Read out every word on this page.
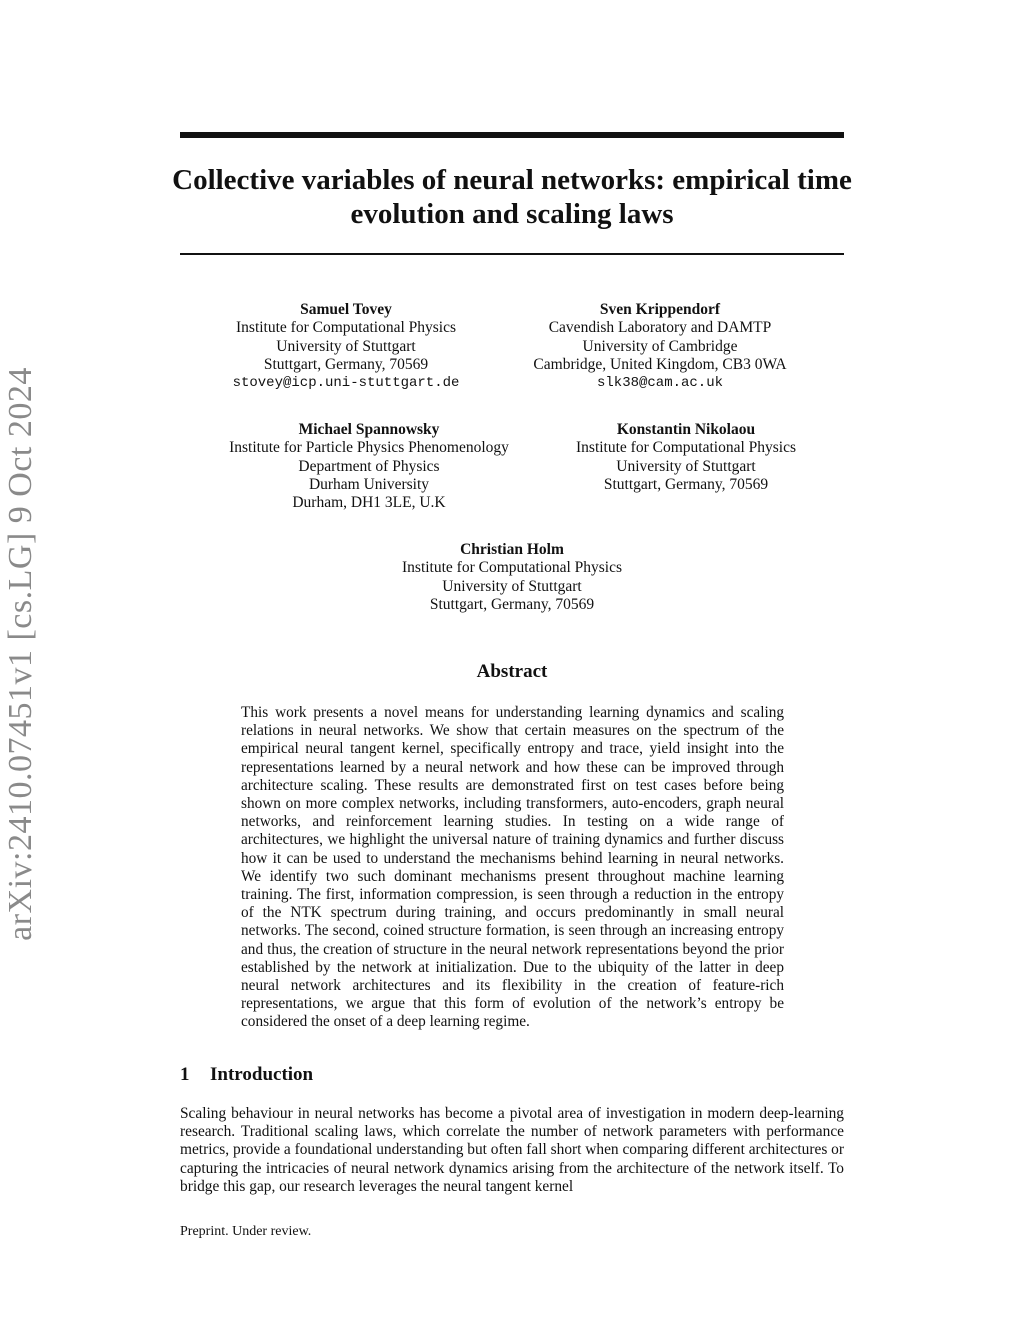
arXiv:2410.07451v1 [cs.LG] 9 Oct 2024
Collective variables of neural networks: empirical time evolution and scaling laws
Samuel Tovey
Institute for Computational Physics
University of Stuttgart
Stuttgart, Germany, 70569
stovey@icp.uni-stuttgart.de
Sven Krippendorf
Cavendish Laboratory and DAMTP
University of Cambridge
Cambridge, United Kingdom, CB3 0WA
slk38@cam.ac.uk
Michael Spannowsky
Institute for Particle Physics Phenomenology
Department of Physics
Durham University
Durham, DH1 3LE, U.K
Konstantin Nikolaou
Institute for Computational Physics
University of Stuttgart
Stuttgart, Germany, 70569
Christian Holm
Institute for Computational Physics
University of Stuttgart
Stuttgart, Germany, 70569
Abstract

This work presents a novel means for understanding learning dynamics and scaling relations in neural networks. We show that certain measures on the spectrum of the empirical neural tangent kernel, specifically entropy and trace, yield insight into the representations learned by a neural network and how these can be improved through architecture scaling. These results are demonstrated first on test cases before being shown on more complex networks, including transformers, auto-encoders, graph neural networks, and reinforcement learning studies. In testing on a wide range of architectures, we highlight the universal nature of training dynamics and further discuss how it can be used to understand the mechanisms behind learning in neural networks. We identify two such dominant mechanisms present throughout machine learning training. The first, information compression, is seen through a reduction in the entropy of the NTK spectrum during training, and occurs predominantly in small neural networks. The second, coined structure formation, is seen through an increasing entropy and thus, the creation of structure in the neural network representations beyond the prior established by the network at initialization. Due to the ubiquity of the latter in deep neural network architectures and its flexibility in the creation of feature-rich representations, we argue that this form of evolution of the network’s entropy be considered the onset of a deep learning regime.

1 Introduction

Scaling behaviour in neural networks has become a pivotal area of investigation in modern deep-learning research. Traditional scaling laws, which correlate the number of network parameters with performance metrics, provide a foundational understanding but often fall short when comparing different architectures or capturing the intricacies of neural network dynamics arising from the architecture of the network itself. To bridge this gap, our research leverages the neural tangent kernel

Preprint. Under review.
